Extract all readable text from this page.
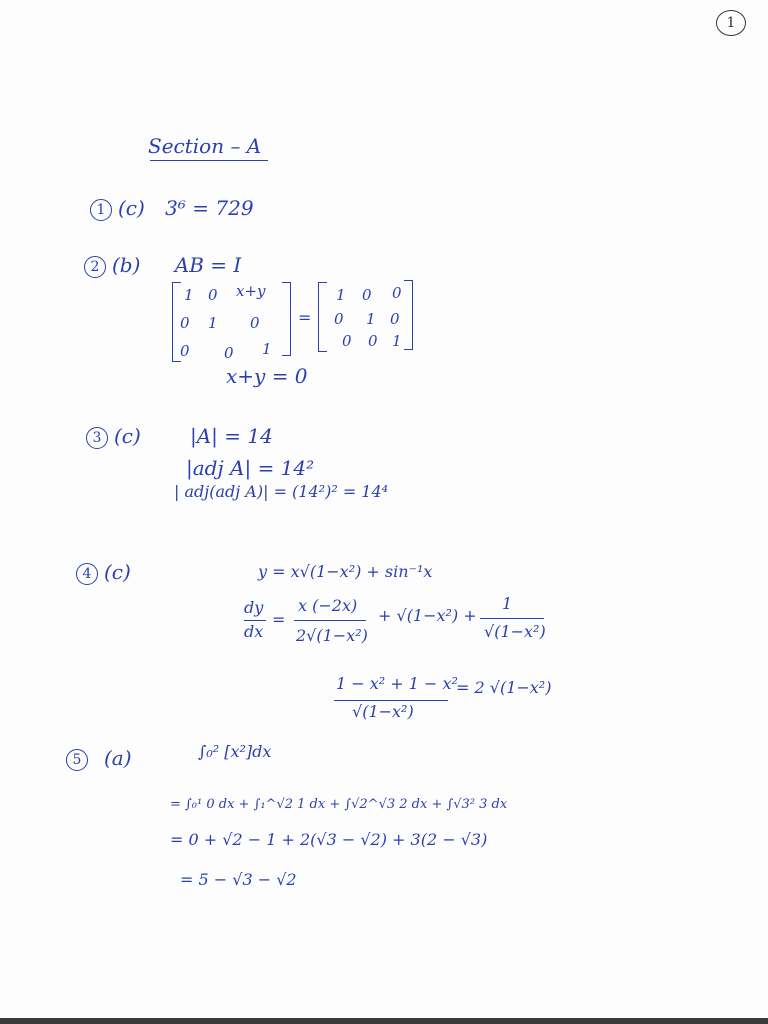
1
Section – A
1 (c) 3⁶ = 729
2 (b) AB = I
1 0 x+y
0 1 0
0 0 1
=
1 0 0
0 1 0
0 0 1
x+y = 0
3 (c) |A| = 14
|adj A| = 14²
| adj(adj A)| = (14²)² = 14⁴
4 (c)	y = x√(1−x²) + sin⁻¹x
dy
dx
=
x (−2x)
2√(1−x²)
+ √(1−x²) +
1
√(1−x²)
1 − x² + 1 − x²
√(1−x²)
= 2 √(1−x²)
5 (a)	∫₀² [x²]dx
= ∫₀¹ 0 dx + ∫₁^√2 1 dx + ∫√2^√3 2 dx + ∫√3² 3 dx
= 0 + √2 − 1 + 2(√3 − √2) + 3(2 − √3)
= 5 − √3 − √2
